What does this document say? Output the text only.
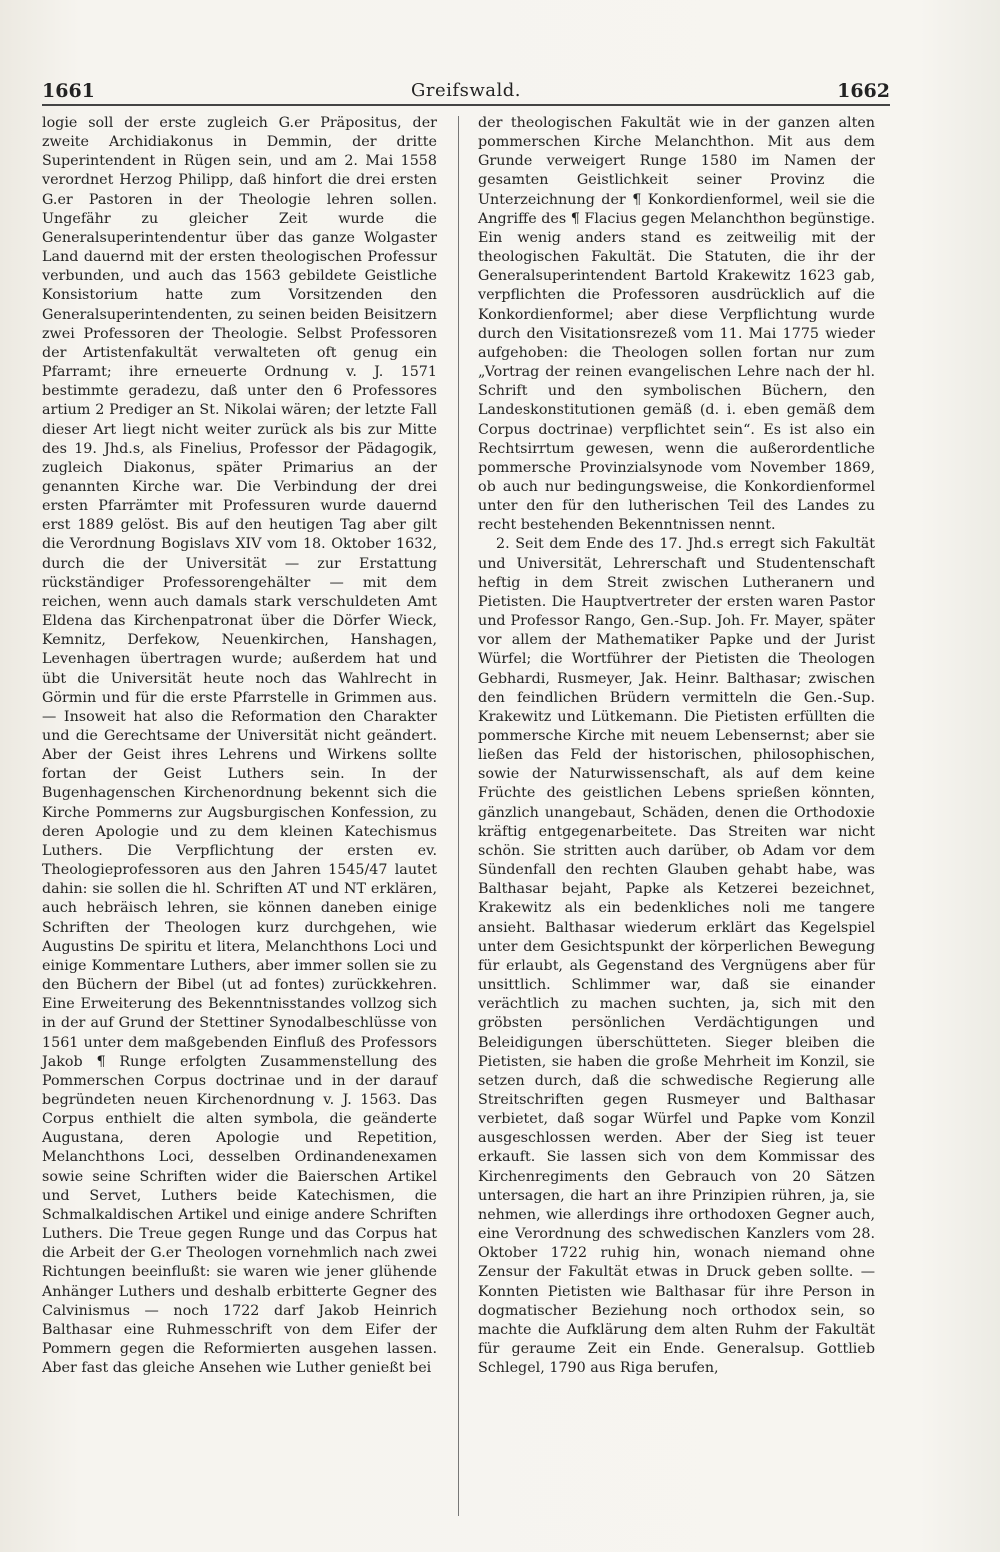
1661	Greifswald.	1662

logie soll der erste zugleich G.er Präpositus, der zweite Archidiakonus in Demmin, der dritte Superintendent in Rügen sein, und am 2. Mai 1558 verordnet Herzog Philipp, daß hinfort die drei ersten G.er Pastoren in der Theologie lehren sollen. Ungefähr zu gleicher Zeit wurde die Generalsuperintendentur über das ganze Wolgaster Land dauernd mit der ersten theologischen Professur verbunden, und auch das 1563 gebildete Geistliche Konsistorium hatte zum Vorsitzenden den Generalsuperintendenten, zu seinen beiden Beisitzern zwei Professoren der Theologie. Selbst Professoren der Artistenfakultät verwalteten oft genug ein Pfarramt; ihre erneuerte Ordnung v. J. 1571 bestimmte geradezu, daß unter den 6 Professores artium 2 Prediger an St. Nikolai wären; der letzte Fall dieser Art liegt nicht weiter zurück als bis zur Mitte des 19. Jhd.s, als Finelius, Professor der Pädagogik, zugleich Diakonus, später Primarius an der genannten Kirche war. Die Verbindung der drei ersten Pfarrämter mit Professuren wurde dauernd erst 1889 gelöst. Bis auf den heutigen Tag aber gilt die Verordnung Bogislavs XIV vom 18. Oktober 1632, durch die der Universität — zur Erstattung rückständiger Professorengehälter — mit dem reichen, wenn auch damals stark verschuldeten Amt Eldena das Kirchenpatronat über die Dörfer Wieck, Kemnitz, Derfekow, Neuenkirchen, Hanshagen, Levenhagen übertragen wurde; außerdem hat und übt die Universität heute noch das Wahlrecht in Görmin und für die erste Pfarrstelle in Grimmen aus. — Insoweit hat also die Reformation den Charakter und die Gerechtsame der Universität nicht geändert. Aber der Geist ihres Lehrens und Wirkens sollte fortan der Geist Luthers sein. In der Bugenhagenschen Kirchenordnung bekennt sich die Kirche Pommerns zur Augsburgischen Konfession, zu deren Apologie und zu dem kleinen Katechismus Luthers. Die Verpflichtung der ersten ev. Theologieprofessoren aus den Jahren 1545/47 lautet dahin: sie sollen die hl. Schriften AT und NT erklären, auch hebräisch lehren, sie können daneben einige Schriften der Theologen kurz durchgehen, wie Augustins De spiritu et litera, Melanchthons Loci und einige Kommentare Luthers, aber immer sollen sie zu den Büchern der Bibel (ut ad fontes) zurückkehren. Eine Erweiterung des Bekenntnisstandes vollzog sich in der auf Grund der Stettiner Synodalbeschlüsse von 1561 unter dem maßgebenden Einfluß des Professors Jakob ¶ Runge erfolgten Zusammenstellung des Pommerschen Corpus doctrinae und in der darauf begründeten neuen Kirchenordnung v. J. 1563. Das Corpus enthielt die alten symbola, die geänderte Augustana, deren Apologie und Repetition, Melanchthons Loci, desselben Ordinandenexamen sowie seine Schriften wider die Baierschen Artikel und Servet, Luthers beide Katechismen, die Schmalkaldischen Artikel und einige andere Schriften Luthers. Die Treue gegen Runge und das Corpus hat die Arbeit der G.er Theologen vornehmlich nach zwei Richtungen beeinflußt: sie waren wie jener glühende Anhänger Luthers und deshalb erbitterte Gegner des Calvinismus — noch 1722 darf Jakob Heinrich Balthasar eine Ruhmesschrift von dem Eifer der Pommern gegen die Reformierten ausgehen lassen. Aber fast das gleiche Ansehen wie Luther genießt bei

der theologischen Fakultät wie in der ganzen alten pommerschen Kirche Melanchthon. Mit aus dem Grunde verweigert Runge 1580 im Namen der gesamten Geistlichkeit seiner Provinz die Unterzeichnung der ¶ Konkordienformel, weil sie die Angriffe des ¶ Flacius gegen Melanchthon begünstige. Ein wenig anders stand es zeitweilig mit der theologischen Fakultät. Die Statuten, die ihr der Generalsuperintendent Bartold Krakewitz 1623 gab, verpflichten die Professoren ausdrücklich auf die Konkordienformel; aber diese Verpflichtung wurde durch den Visitationsrezeß vom 11. Mai 1775 wieder aufgehoben: die Theologen sollen fortan nur zum „Vortrag der reinen evangelischen Lehre nach der hl. Schrift und den symbolischen Büchern, den Landeskonstitutionen gemäß (d. i. eben gemäß dem Corpus doctrinae) verpflichtet sein“. Es ist also ein Rechtsirrtum gewesen, wenn die außerordentliche pommersche Provinzialsynode vom November 1869, ob auch nur bedingungsweise, die Konkordienformel unter den für den lutherischen Teil des Landes zu recht bestehenden Bekenntnissen nennt.

2. Seit dem Ende des 17. Jhd.s erregt sich Fakultät und Universität, Lehrerschaft und Studentenschaft heftig in dem Streit zwischen Lutheranern und Pietisten. Die Hauptvertreter der ersten waren Pastor und Professor Rango, Gen.-Sup. Joh. Fr. Mayer, später vor allem der Mathematiker Papke und der Jurist Würfel; die Wortführer der Pietisten die Theologen Gebhardi, Rusmeyer, Jak. Heinr. Balthasar; zwischen den feindlichen Brüdern vermitteln die Gen.-Sup. Krakewitz und Lütkemann. Die Pietisten erfüllten die pommersche Kirche mit neuem Lebensernst; aber sie ließen das Feld der historischen, philosophischen, sowie der Naturwissenschaft, als auf dem keine Früchte des geistlichen Lebens sprießen könnten, gänzlich unangebaut, Schäden, denen die Orthodoxie kräftig entgegenarbeitete. Das Streiten war nicht schön. Sie stritten auch darüber, ob Adam vor dem Sündenfall den rechten Glauben gehabt habe, was Balthasar bejaht, Papke als Ketzerei bezeichnet, Krakewitz als ein bedenkliches noli me tangere ansieht. Balthasar wiederum erklärt das Kegelspiel unter dem Gesichtspunkt der körperlichen Bewegung für erlaubt, als Gegenstand des Vergnügens aber für unsittlich. Schlimmer war, daß sie einander verächtlich zu machen suchten, ja, sich mit den gröbsten persönlichen Verdächtigungen und Beleidigungen überschütteten. Sieger bleiben die Pietisten, sie haben die große Mehrheit im Konzil, sie setzen durch, daß die schwedische Regierung alle Streitschriften gegen Rusmeyer und Balthasar verbietet, daß sogar Würfel und Papke vom Konzil ausgeschlossen werden. Aber der Sieg ist teuer erkauft. Sie lassen sich von dem Kommissar des Kirchenregiments den Gebrauch von 20 Sätzen untersagen, die hart an ihre Prinzipien rühren, ja, sie nehmen, wie allerdings ihre orthodoxen Gegner auch, eine Verordnung des schwedischen Kanzlers vom 28. Oktober 1722 ruhig hin, wonach niemand ohne Zensur der Fakultät etwas in Druck geben sollte. — Konnten Pietisten wie Balthasar für ihre Person in dogmatischer Beziehung noch orthodox sein, so machte die Aufklärung dem alten Ruhm der Fakultät für geraume Zeit ein Ende. Generalsup. Gottlieb Schlegel, 1790 aus Riga berufen,
